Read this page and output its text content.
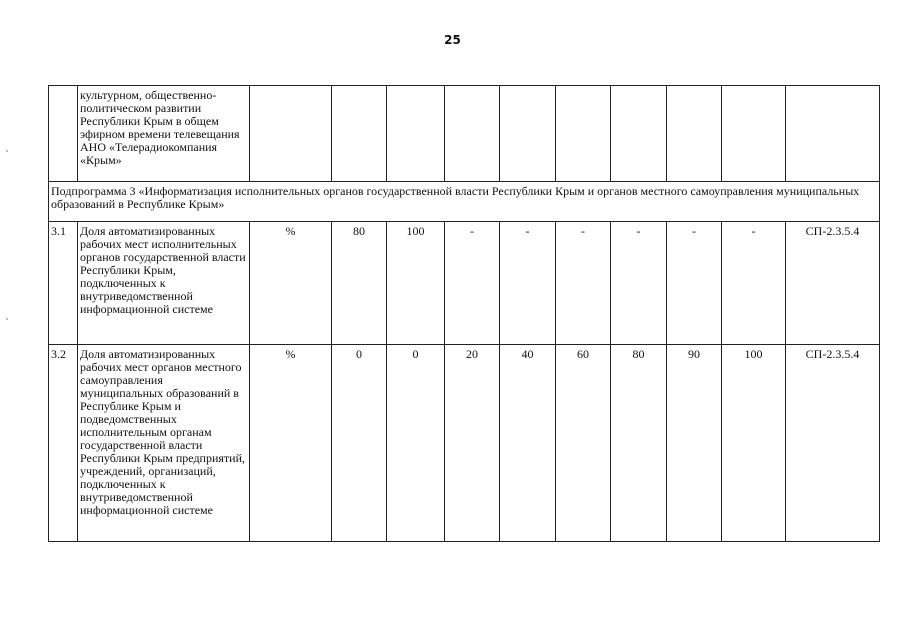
25
	культурном, общественно-политическом развитии Республики Крым в общем эфирном времени телевещания АНО «Телерадиокомпания «Крым»										
Подпрограмма 3 «Информатизация исполнительных органов государственной власти Республики Крым и органов местного самоуправления муниципальных образований в Республике Крым»											
3.1	Доля автоматизированных рабочих мест исполнительных органов государственной власти Республики Крым, подключенных к внутриведомственной информационной системе	%	80	100	-	-	-	-	-	-	СП-2.3.5.4
3.2	Доля автоматизированных рабочих мест органов местного самоуправления муниципальных образований в Республике Крым и подведомственных исполнительным органам государственной власти Республики Крым предприятий, учреждений, организаций, подключенных к внутриведомственной информационной системе	%	0	0	20	40	60	80	90	100	СП-2.3.5.4
